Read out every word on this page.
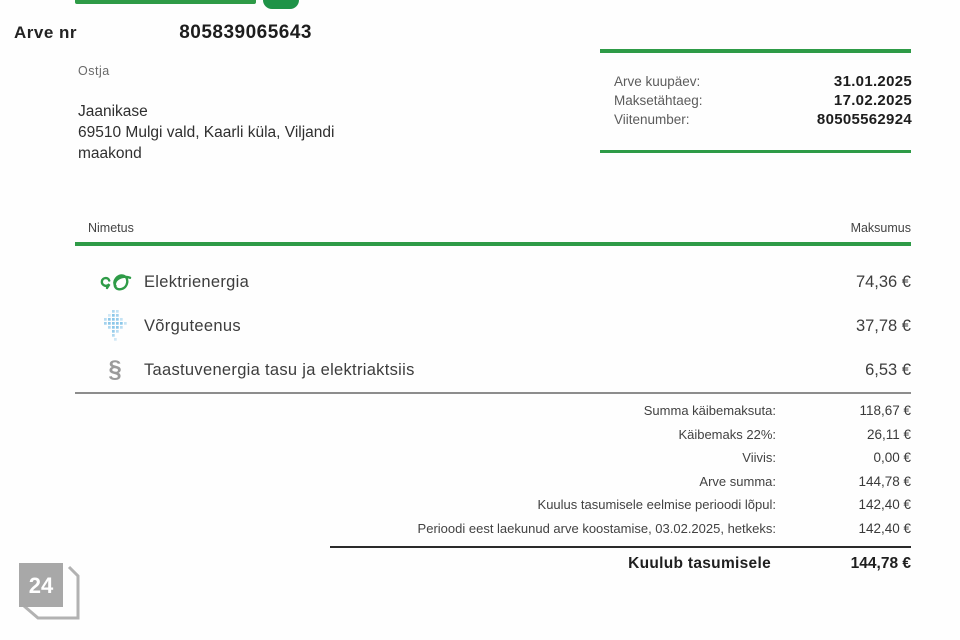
Arve nr	805839065643
Arve kuupäev:	31.01.2025
Maksetähtaeg:	17.02.2025
Viitenumber:	80505562924
Ostja
Jaanikase
69510 Mulgi vald, Kaarli küla, Viljandi
maakond
Nimetus	Maksumus
Elektrienergia	74,36 €
Võrguteenus	37,78 €
§ Taastuvenergia tasu ja elektriaktsiis	6,53 €
Summa käibemaksuta:	118,67 €
Käibemaks 22%:	26,11 €
Viivis:	0,00 €
Arve summa:	144,78 €
Kuulus tasumisele eelmise perioodi lõpul:	142,40 €
Perioodi eest laekunud arve koostamise, 03.02.2025, hetkeks:	142,40 €
Kuulub tasumisele	144,78 €
24
